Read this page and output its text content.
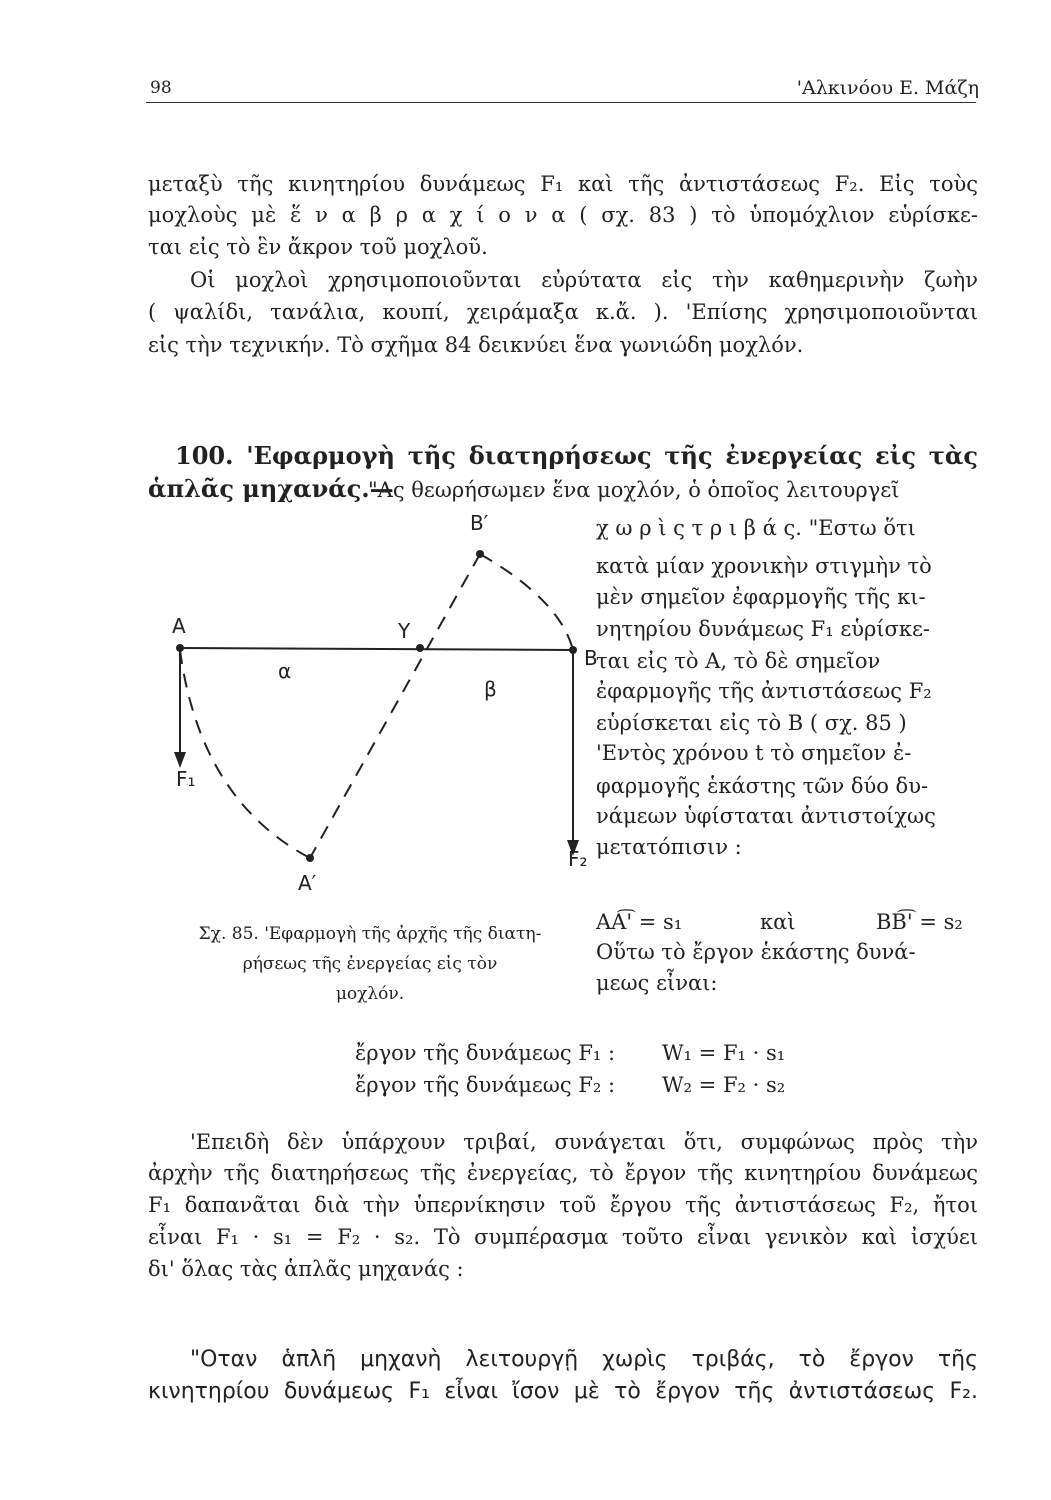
98	'Αλκινόου Ε. Μάζη
μεταξὺ τῆς κινητηρίου δυνάμεως F₁ καὶ τῆς ἀντιστάσεως F₂. Εἰς τοὺς
μοχλοὺς μὲ ἕ ν α β ρ α χ ί ο ν α ( σχ. 83 ) τὸ ὑπομόχλιον εὑρίσκε-
ται εἰς τὸ ἓν ἄκρον τοῦ μοχλοῦ.
Οἱ μοχλοὶ χρησιμοποιοῦνται εὐρύτατα εἰς τὴν καθημερινὴν ζωὴν
( ψαλίδι, τανάλια, κουπί, χειράμαξα κ.ἄ. ). 'Επίσης χρησιμοποιοῦνται
εἰς τὴν τεχνικήν. Τὸ σχῆμα 84 δεικνύει ἕνα γωνιώδη μοχλόν.
100. 'Εφαρμογὴ τῆς διατηρήσεως τῆς ἐνεργείας εἰς τὰς
ἁπλᾶς μηχανάς.—
"Ας θεωρήσωμεν ἕνα μοχλόν, ὁ ὁποῖος λειτουργεῖ
χ ω ρ ὶ ς τ ρ ι β ά ς. "Εστω ὅτι
κατὰ μίαν χρονικὴν στιγμὴν τὸ
μὲν σημεῖον ἐφαρμογῆς τῆς κι-
νητηρίου δυνάμεως F₁ εὑρίσκε-
ται εἰς τὸ Α, τὸ δὲ σημεῖον
ἐφαρμογῆς τῆς ἀντιστάσεως F₂
εὑρίσκεται εἰς τὸ Β ( σχ. 85 )
'Εντὸς χρόνου t τὸ σημεῖον ἐ-
φαρμογῆς ἑκάστης τῶν δύο δυ-
νάμεων ὑφίσταται ἀντιστοίχως
μετατόπισιν :
AA͡' = s₁	καὶ	BB͡' = s₂
Οὕτω τὸ ἔργον ἑκάστης δυνά-
μεως εἶναι:
A	Y
B
B′
A′
α
β
F₁
F₂
Σχ. 85. 'Εφαρμογὴ τῆς ἀρχῆς τῆς διατη-
ρήσεως τῆς ἐνεργείας εἰς τὸν
μοχλόν.
ἔργον τῆς δυνάμεως F₁ : W₁ = F₁ · s₁
ἔργον τῆς δυνάμεως F₂ : W₂ = F₂ · s₂
'Επειδὴ δὲν ὑπάρχουν τριβαί, συνάγεται ὅτι, συμφώνως πρὸς τὴν
ἀρχὴν τῆς διατηρήσεως τῆς ἐνεργείας, τὸ ἔργον τῆς κινητηρίου δυνάμεως
F₁ δαπανᾶται διὰ τὴν ὑπερνίκησιν τοῦ ἔργου τῆς ἀντιστάσεως F₂, ἤτοι
εἶναι F₁ · s₁ = F₂ · s₂. Τὸ συμπέρασμα τοῦτο εἶναι γενικὸν καὶ ἰσχύει
δι' ὅλας τὰς ἁπλᾶς μηχανάς :
"Οταν ἁπλῆ μηχανὴ λειτουργῇ χωρὶς τριβάς, τὸ ἔργον τῆς
κινητηρίου δυνάμεως F₁ εἶναι ἴσον μὲ τὸ ἔργον τῆς ἀντιστάσεως F₂.
